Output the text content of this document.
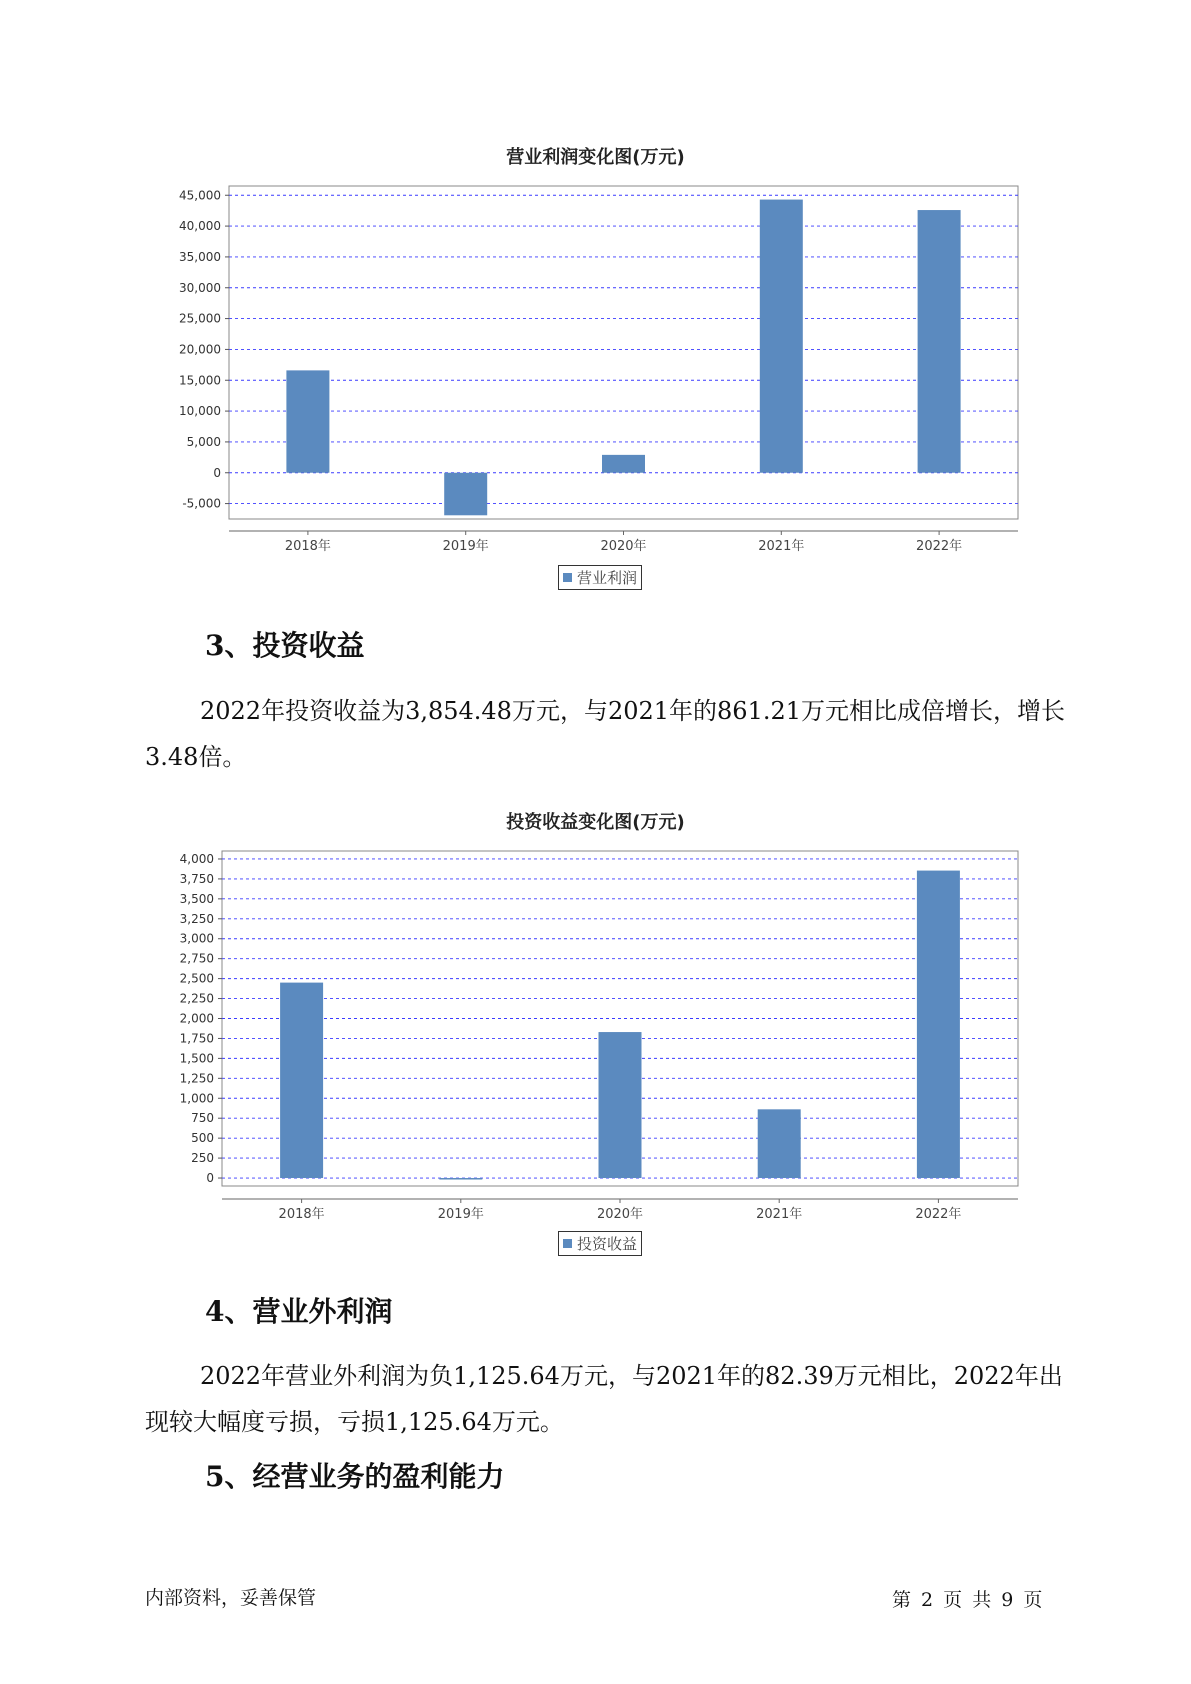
营业利润变化图(万元)
-5,000
0
5,000
10,000
15,000
20,000
25,000
30,000
35,000
40,000
45,000
2018年	2019年	2020年	2021年	2022年
营业利润
3、投资收益

2022年投资收益为3,854.48万元，与2021年的861.21万元相比成倍增长，增长3.48倍。

投资收益变化图(万元)
0
250
500
750
1,000
1,250
1,500
1,750
2,000
2,250
2,500
2,750
3,000
3,250
3,500
3,750
4,000
2018年	2019年	2020年	2021年	2022年
投资收益
4、营业外利润

2022年营业外利润为负1,125.64万元，与2021年的82.39万元相比，2022年出现较大幅度亏损，亏损1,125.64万元。

5、经营业务的盈利能力
内部资料，妥善保管	第 2 页 共 9 页
